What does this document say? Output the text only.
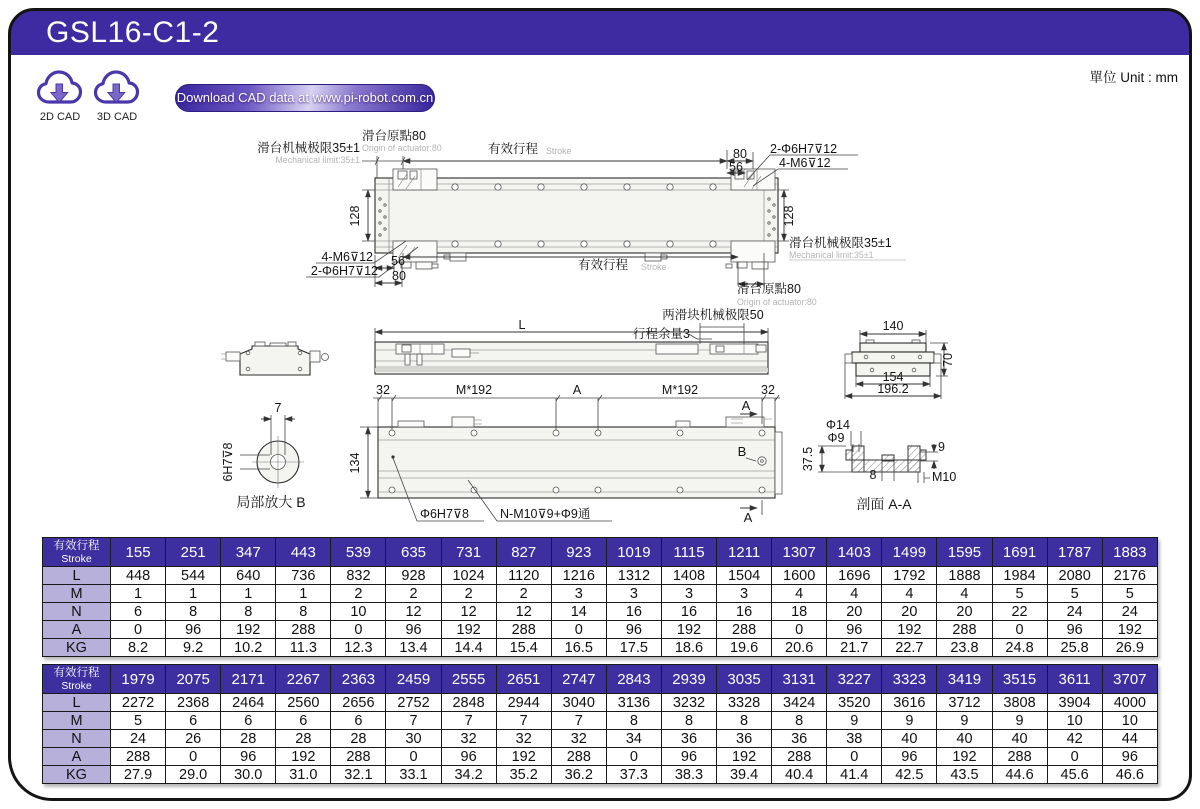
GSL16-C1-2
單位 Unit : mm
2D CAD	3D CAD
Download CAD data at www.pi-robot.com.cn
滑台机械极限35±1
Mechanical limit:35±1
滑台原點80
Origin of actuator:80	有效行程 Stroke	80
56
2-Φ6H7⊽12
4-M6⊽12
128	128
4-M6⊽12
2-Φ6H7⊽12
56
80
有效行程 Stroke
滑台机械极限35±1
Mechanical limit:35±1
滑台原點80
Origin of actuator:80
7
6H7⊽8
局部放大 B
L
两滑块机械极限50
行程余量3
140
70
154
196.2
Φ14
Φ9
37.5	9
8	M10
剖面 A-A
32	M*192	A	M*192	32
A
A
B
134
Φ6H7⊽8 N-M10⊽9+Φ9通
有效行程
Stroke	155	251	347	443	539	635	731	827	923	1019	1115	1211	1307	1403	1499	1595	1691	1787	1883
L	448	544	640	736	832	928	1024	1120	1216	1312	1408	1504	1600	1696	1792	1888	1984	2080	2176
M	1	1	1	1	2	2	2	2	3	3	3	3	4	4	4	4	5	5	5
N	6	8	8	8	10	12	12	12	14	16	16	16	18	20	20	20	22	24	24
A	0	96	192	288	0	96	192	288	0	96	192	288	0	96	192	288	0	96	192
KG	8.2	9.2	10.2	11.3	12.3	13.4	14.4	15.4	16.5	17.5	18.6	19.6	20.6	21.7	22.7	23.8	24.8	25.8	26.9
有效行程
Stroke	1979	2075	2171	2267	2363	2459	2555	2651	2747	2843	2939	3035	3131	3227	3323	3419	3515	3611	3707
L	2272	2368	2464	2560	2656	2752	2848	2944	3040	3136	3232	3328	3424	3520	3616	3712	3808	3904	4000
M	5	6	6	6	6	7	7	7	7	8	8	8	8	9	9	9	9	10	10
N	24	26	28	28	28	30	32	32	32	34	36	36	36	38	40	40	40	42	44
A	288	0	96	192	288	0	96	192	288	0	96	192	288	0	96	192	288	0	96
KG	27.9	29.0	30.0	31.0	32.1	33.1	34.2	35.2	36.2	37.3	38.3	39.4	40.4	41.4	42.5	43.5	44.6	45.6	46.6
